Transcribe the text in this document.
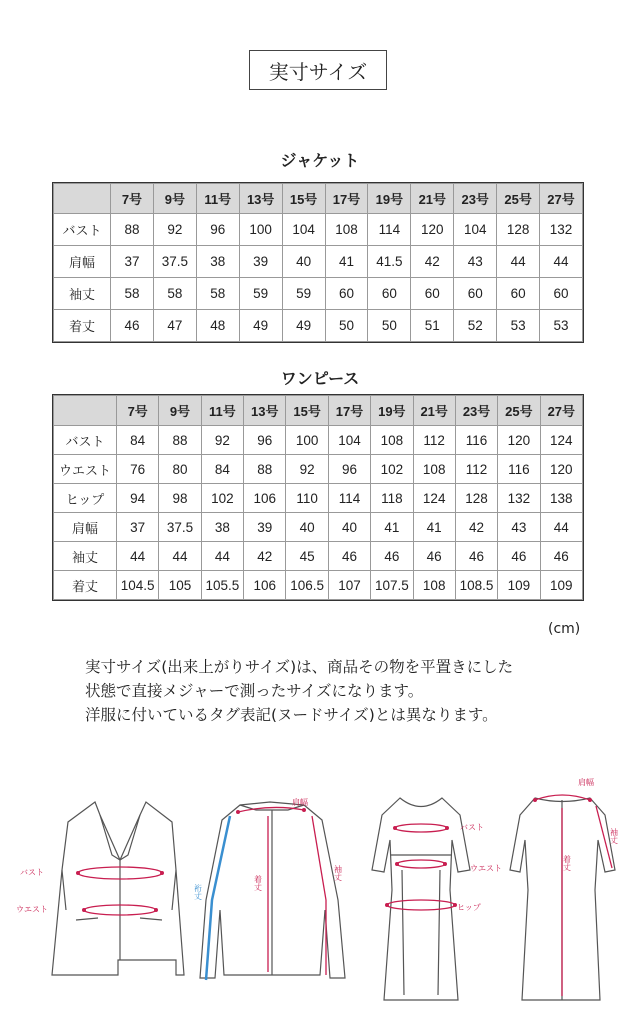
実寸サイズ
ジャケット
	7号	9号	11号	13号	15号	17号	19号	21号	23号	25号	27号
バスト	88	92	96	100	104	108	114	120	104	128	132
肩幅	37	37.5	38	39	40	41	41.5	42	43	44	44
袖丈	58	58	58	59	59	60	60	60	60	60	60
着丈	46	47	48	49	49	50	50	51	52	53	53
ワンピース
	7号	9号	11号	13号	15号	17号	19号	21号	23号	25号	27号
バスト	84	88	92	96	100	104	108	112	116	120	124
ウエスト	76	80	84	88	92	96	102	108	112	116	120
ヒップ	94	98	102	106	110	114	118	124	128	132	138
肩幅	37	37.5	38	39	40	40	41	41	42	43	44
袖丈	44	44	44	42	45	46	46	46	46	46	46
着丈	104.5	105	105.5	106	106.5	107	107.5	108	108.5	109	109
(cm)
実寸サイズ(出来上がりサイズ)は、商品その物を平置きにした
状態で直接メジャーで測ったサイズになります。
洋服に付いているタグ表記(ヌードサイズ)とは異なります。
バスト
ウエスト
肩幅
着丈
袖丈
裄丈
バスト
ウエスト
ヒップ
肩幅
着丈
袖丈
